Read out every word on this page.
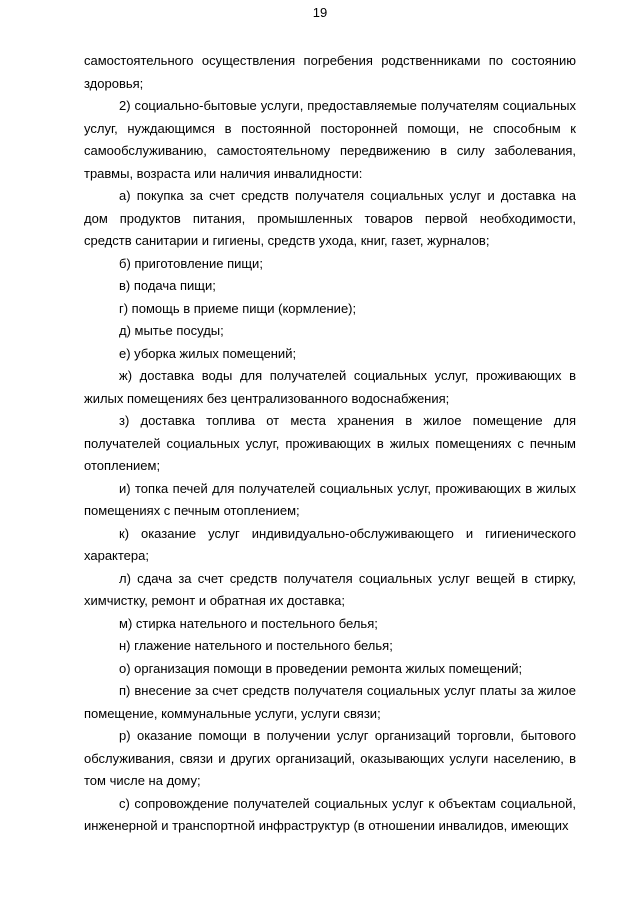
19

самостоятельного осуществления погребения родственниками по состоянию здоровья;

2) социально-бытовые услуги, предоставляемые получателям социальных услуг, нуждающимся в постоянной посторонней помощи, не способным к самообслуживанию, самостоятельному передвижению в силу заболевания, травмы, возраста или наличия инвалидности:

а) покупка за счет средств получателя социальных услуг и доставка на дом продуктов питания, промышленных товаров первой необходимости, средств санитарии и гигиены, средств ухода, книг, газет, журналов;

б) приготовление пищи;

в) подача пищи;

г) помощь в приеме пищи (кормление);

д) мытье посуды;

е) уборка жилых помещений;

ж) доставка воды для получателей социальных услуг, проживающих в жилых помещениях без централизованного водоснабжения;

з) доставка топлива от места хранения в жилое помещение для получателей социальных услуг, проживающих в жилых помещениях с печным отоплением;

и) топка печей для получателей социальных услуг, проживающих в жилых помещениях с печным отоплением;

к) оказание услуг индивидуально-обслуживающего и гигиенического характера;

л) сдача за счет средств получателя социальных услуг вещей в стирку, химчистку, ремонт и обратная их доставка;

м) стирка нательного и постельного белья;

н) глажение нательного и постельного белья;

о) организация помощи в проведении ремонта жилых помещений;

п) внесение за счет средств получателя социальных услуг платы за жилое помещение, коммунальные услуги, услуги связи;

р) оказание помощи в получении услуг организаций торговли, бытового обслуживания, связи и других организаций, оказывающих услуги населению, в том числе на дому;

с) сопровождение получателей социальных услуг к объектам социальной, инженерной и транспортной инфраструктур (в отношении инвалидов, имеющих
